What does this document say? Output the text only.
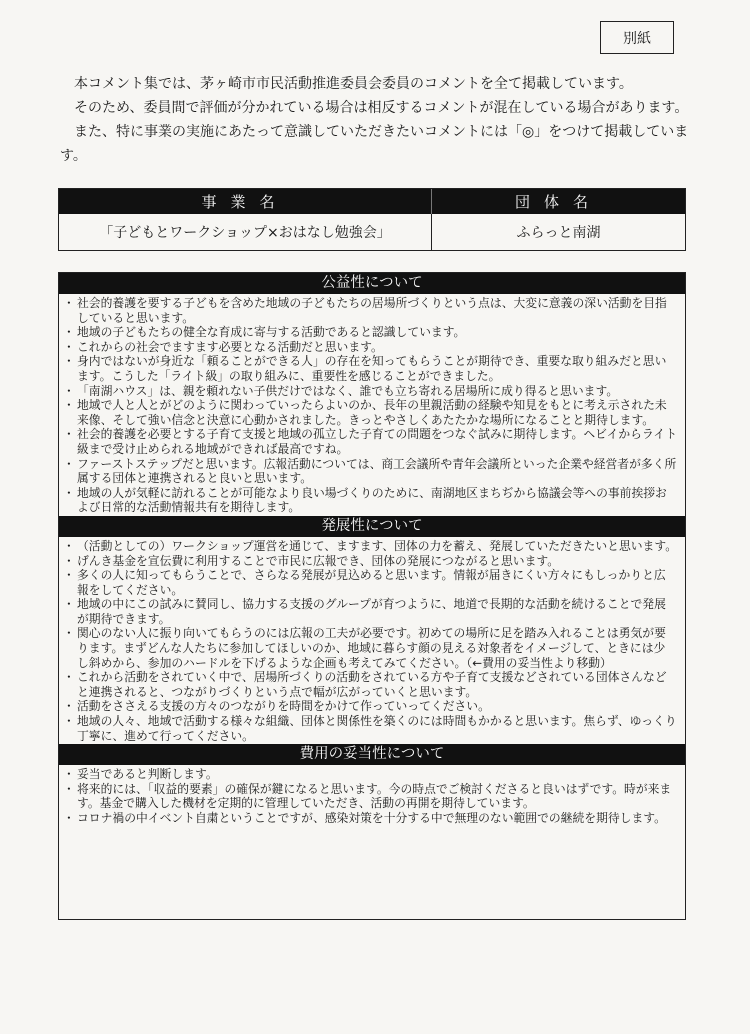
別紙

本コメント集では、茅ヶ崎市市民活動推進委員会委員のコメントを全て掲載しています。

そのため、委員間で評価が分かれている場合は相反するコメントが混在している場合があります。

また、特に事業の実施にあたって意識していただきたいコメントには「◎」をつけて掲載しています。

事業名	団体名
「子どもとワークショップ×おはなし勉強会」	ふらっと南湖
公益性について
・ 社会的養護を要する子どもを含めた地域の子どもたちの居場所づくりという点は、大変に意義の深い活動を目指していると思います。
・ 地域の子どもたちの健全な育成に寄与する活動であると認識しています。
・ これからの社会でますます必要となる活動だと思います。
・ 身内ではないが身近な「頼ることができる人」の存在を知ってもらうことが期待でき、重要な取り組みだと思います。こうした「ライト級」の取り組みに、重要性を感じることができました。
・ 「南湖ハウス」は、親を頼れない子供だけではなく、誰でも立ち寄れる居場所に成り得ると思います。
・ 地域で人と人とがどのように関わっていったらよいのか、長年の里親活動の経験や知見をもとに考え示された未来像、そして強い信念と決意に心動かされました。きっとやさしくあたたかな場所になることと期待します。
・ 社会的養護を必要とする子育て支援と地域の孤立した子育ての問題をつなぐ試みに期待します。ヘビイからライト級まで受け止められる地域ができれば最高ですね。
・ ファーストステップだと思います。広報活動については、商工会議所や青年会議所といった企業や経営者が多く所属する団体と連携されると良いと思います。
・ 地域の人が気軽に訪れることが可能なより良い場づくりのために、南湖地区まちぢから協議会等への事前挨拶および日常的な活動情報共有を期待します。
発展性について
・ （活動としての）ワークショップ運営を通じて、ますます、団体の力を蓄え、発展していただきたいと思います。
・ げんき基金を宣伝費に利用することで市民に広報でき、団体の発展につながると思います。
・ 多くの人に知ってもらうことで、さらなる発展が見込めると思います。情報が届きにくい方々にもしっかりと広報をしてください。
・ 地域の中にこの試みに賛同し、協力する支援のグループが育つように、地道で長期的な活動を続けることで発展が期待できます。
・ 関心のない人に振り向いてもらうのには広報の工夫が必要です。初めての場所に足を踏み入れることは勇気が要ります。まずどんな人たちに参加してほしいのか、地域に暮らす顔の見える対象者をイメージして、ときには少し斜めから、参加のハードルを下げるような企画も考えてみてください。（←費用の妥当性より移動）
・ これから活動をされていく中で、居場所づくりの活動をされている方や子育て支援などされている団体さんなどと連携されると、つながりづくりという点で幅が広がっていくと思います。
・ 活動をささえる支援の方々のつながりを時間をかけて作っていってください。
・ 地域の人々、地域で活動する様々な組織、団体と関係性を築くのには時間もかかると思います。焦らず、ゆっくり丁寧に、進めて行ってください。
費用の妥当性について
・ 妥当であると判断します。
・ 将来的には、「収益的要素」の確保が鍵になると思います。今の時点でご検討くださると良いはずです。時が来ます。基金で購入した機材を定期的に管理していただき、活動の再開を期待しています。
・ コロナ禍の中イベント自粛ということですが、感染対策を十分する中で無理のない範囲での継続を期待します。
